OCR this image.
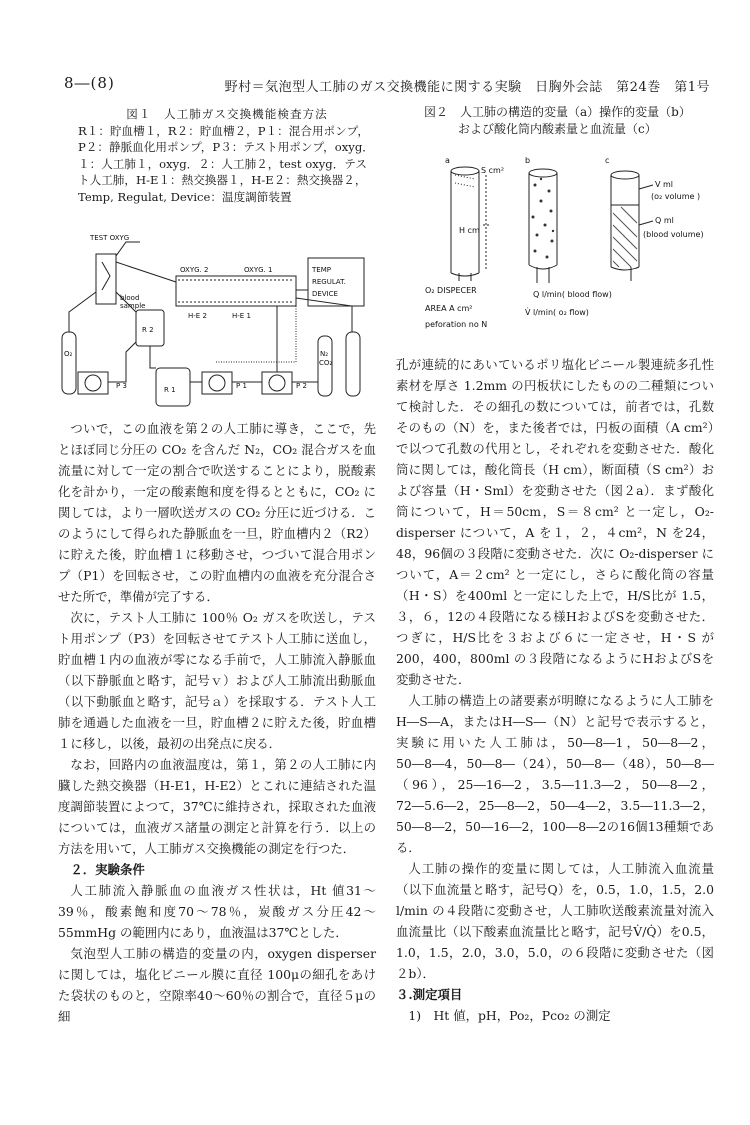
8―(8)	野村＝気泡型人工肺のガス交換機能に関する実験　日胸外会誌　第24巻　第1号
図１　人工肺ガス交換機能検査方法
R１：貯血槽１，R２：貯血槽２，P１：混合用ポンプ，P２：静脈血化用ポンプ，P３：テスト用ポンプ，oxyg．１：人工肺１，oxyg．２：人工肺２，test oxyg．テスト人工肺，H-E１：熱交換器１，H-E２：熱交換器２，Temp, Regulat, Device：温度調節装置
TEST OXYG
OXYG. 2	OXYG. 1	TEMP
REGULAT.
DEVICE
blood
sample
H-E 2	H-E 1
R 2
R 1
P 3	P 1	P 2
O₂	N₂
CO₂
図２　人工肺の構造的変量（a）操作的変量（b）
および酸化筒内酸素量と血流量（c）
a	b	c
S cm²
H cm
O₂ DISPECER
AREA A cm²
peforation no N
Q l/min( blood flow)
V̇ l/min( o₂ flow)
V ml
(o₂ volume )
Q ml
(blood volume)

ついで，この血液を第２の人工肺に導き，ここで，先とほぼ同じ分圧の CO₂ を含んだ N₂，CO₂ 混合ガスを血流量に対して一定の割合で吹送することにより，脱酸素化を計かり，一定の酸素飽和度を得るとともに，CO₂ に関しては，より一層吹送ガスの CO₂ 分圧に近づける．このようにして得られた静脈血を一旦，貯血槽内２（R2）に貯えた後，貯血槽１に移動させ，つづいて混合用ポンプ（P1）を回転させ，この貯血槽内の血液を充分混合させた所で，準備が完了する．

次に，テスト人工肺に 100％ O₂ ガスを吹送し，テスト用ポンプ（P3）を回転させてテスト人工肺に送血し，貯血槽１内の血液が零になる手前で，人工肺流入静脈血（以下静脈血と略す，記号ｖ）および人工肺流出動脈血（以下動脈血と略す，記号ａ）を採取する．テスト人工肺を通過した血液を一旦，貯血槽２に貯えた後，貯血槽１に移し，以後，最初の出発点に戻る．

なお，回路内の血液温度は，第１，第２の人工肺に内臓した熱交換器（H-E1，H-E2）とこれに連結された温度調節装置によつて，37℃に維持され，採取された血液については，血液ガス諸量の測定と計算を行う．以上の方法を用いて，人工肺ガス交換機能の測定を行つた．

２．実験条件

人工肺流入静脈血の血液ガス性状は，Ht 値31～39％，酸素飽和度70～78％，炭酸ガス分圧42～55mmHg の範囲内にあり，血液温は37℃とした．

気泡型人工肺の構造的変量の内，oxygen disperser に関しては，塩化ビニール膜に直径 100μの細孔をあけた袋状のものと，空隙率40～60％の割合で，直径５μの細

孔が連続的にあいているポリ塩化ビニール製連続多孔性素材を厚さ 1.2mm の円板状にしたものの二種類について検討した．その細孔の数については，前者では，孔数そのもの（N）を，また後者では，円板の面積（A cm²）で以つて孔数の代用とし，それぞれを変動させた．酸化筒に関しては，酸化筒長（H cm），断面積（S cm²）および容量（H・Sml）を変動させた（図２a）．まず酸化筒について，H＝50cm，S＝８cm² と一定し，O₂-disperser について，A を１，２，４cm²，N を24，48，96個の３段階に変動させた．次に O₂-disperser について，A＝２cm² と一定にし，さらに酸化筒の容量（H・S）を400ml と一定にした上で，H/S比が 1.5，３，６，12の４段階になる様HおよびSを変動させた．つぎに，H/S比を３および６に一定させ，H・S が 200，400，800ml の３段階になるようにHおよびSを変動させた．

人工肺の構造上の諸要素が明瞭になるように人工肺をH―S―A，またはH―S―（N）と記号で表示すると，実験に用いた人工肺は，50―8―1，50―8―2，50―8―4，50―8―（24），50―8―（48），50―8―（96），25―16―2，3.5―11.3―2，50―8―2，72―5.6―2，25―8―2，50―4―2，3.5―11.3―2，50―8―2，50―16―2，100―8―2の16個13種類である．

人工肺の操作的変量に関しては，人工肺流入血流量（以下血流量と略す，記号Q）を，0.5，1.0，1.5，2.0 l/min の４段階に変動させ，人工肺吹送酸素流量対流入血流量比（以下酸素血流量比と略す，記号V̇/Q̇）を0.5，1.0，1.5，2.0，3.0，5.0，の６段階に変動させた（図２b）．

３.測定項目

1)　Ht 値，pH，Po₂，Pco₂ の測定
